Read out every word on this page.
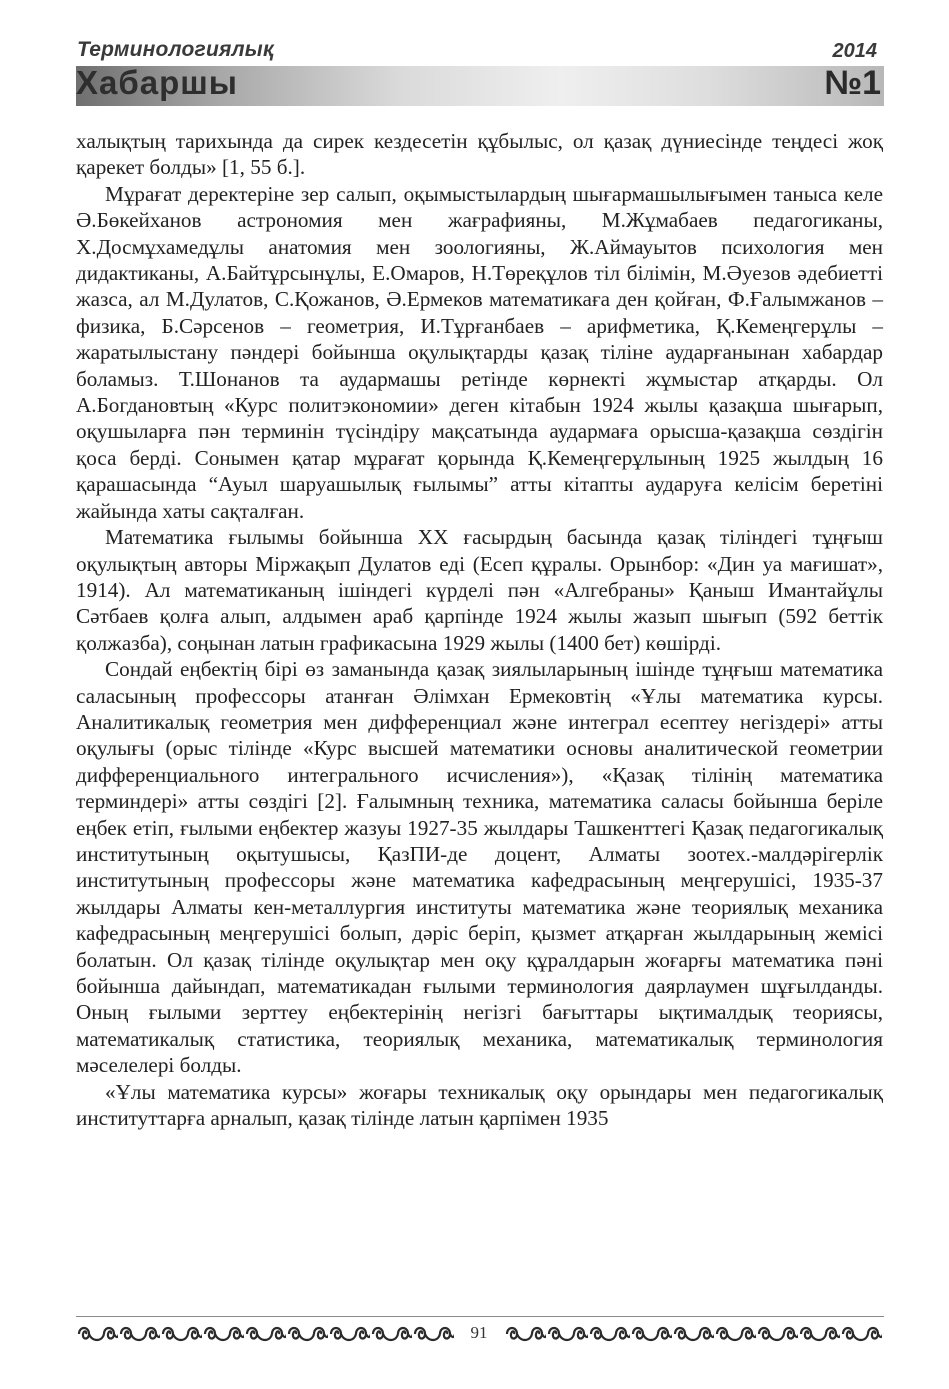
Терминологиялық	2014
Хабаршы	№1

халықтың тарихында да сирек кездесетін құбылыс, ол қазақ дүниесінде теңдесі жоқ қарекет болды» [1, 55 б.].

Мұрағат деректеріне зер салып, оқымыстылардың шығармашылығымен таныса келе Ә.Бөкейханов астрономия мен жағрафияны, М.Жұмабаев педагогиканы, Х.Досмұхамедұлы анатомия мен зоологияны, Ж.Аймауытов психология мен дидактиканы, А.Байтұрсынұлы, Е.Омаров, Н.Төреқұлов тіл білімін, М.Әуезов әдебиетті жазса, ал М.Дулатов, С.Қожанов, Ә.Ермеков математикаға ден қойған, Ф.Ғалымжанов – физика, Б.Сәрсенов – геометрия, И.Тұрғанбаев – арифметика, Қ.Кемеңгерұлы – жаратылыстану пәндері бойынша оқулықтарды қазақ тіліне аударғанынан хабардар боламыз. Т.Шонанов та аудармашы ретінде көрнекті жұмыстар атқарды. Ол А.Богдановтың «Курс политэкономии» деген кітабын 1924 жылы қазақша шығарып, оқушыларға пән терминін түсіндіру мақсатында аудармаға орысша-қазақша сөздігін қоса берді. Сонымен қатар мұрағат қорында Қ.Кемеңгерұлының 1925 жылдың 16 қарашасында “Ауыл шаруашылық ғылымы” атты кітапты аударуға келісім беретіні жайында хаты сақталған.

Математика ғылымы бойынша XX ғасырдың басында қазақ тіліндегі тұңғыш оқулықтың авторы Міржақып Дулатов еді (Есеп құралы. Орынбор: «Дин уа мағишат», 1914). Ал математиканың ішіндегі күрделі пән «Алгебраны» Қаныш Имантайұлы Сәтбаев қолға алып, алдымен араб қарпінде 1924 жылы жазып шығып (592 беттік қолжазба), соңынан латын графикасына 1929 жылы (1400 бет) көшірді.

Сондай еңбектің бірі өз заманында қазақ зиялыларының ішінде тұңғыш математика саласының профессоры атанған Әлімхан Ермековтің «Ұлы математика курсы. Аналитикалық геометрия мен дифференциал және интеграл есептеу негіздері» атты оқулығы (орыс тілінде «Курс высшей математики основы аналитической геометрии дифференциального интегрального исчисления»), «Қазақ тілінің математика терминдері» атты сөздігі [2]. Ғалымның техника, математика саласы бойынша беріле еңбек етіп, ғылыми еңбектер жазуы 1927-35 жылдары Ташкенттегі Қазақ педагогикалық институтының оқытушысы, ҚазПИ-де доцент, Алматы зоотех.-малдәрігерлік институтының профессоры және математика кафедрасының меңгерушісі, 1935-37 жылдары Алматы кен-металлургия институты математика және теориялық механика кафедрасының меңгерушісі болып, дәріс беріп, қызмет атқарған жылдарының жемісі болатын. Ол қазақ тілінде оқулықтар мен оқу құралдарын жоғарғы математика пәні бойынша дайындап, математикадан ғылыми терминология даярлаумен шұғылданды. Оның ғылыми зерттеу еңбектерінің негізгі бағыттары ықтималдық теориясы, математикалық статистика, теориялық механика, математикалық терминология мәселелері болды.

«Ұлы математика курсы» жоғары техникалық оқу орындары мен педагогикалық институттарға арналып, қазақ тілінде латын қарпімен 1935

91
